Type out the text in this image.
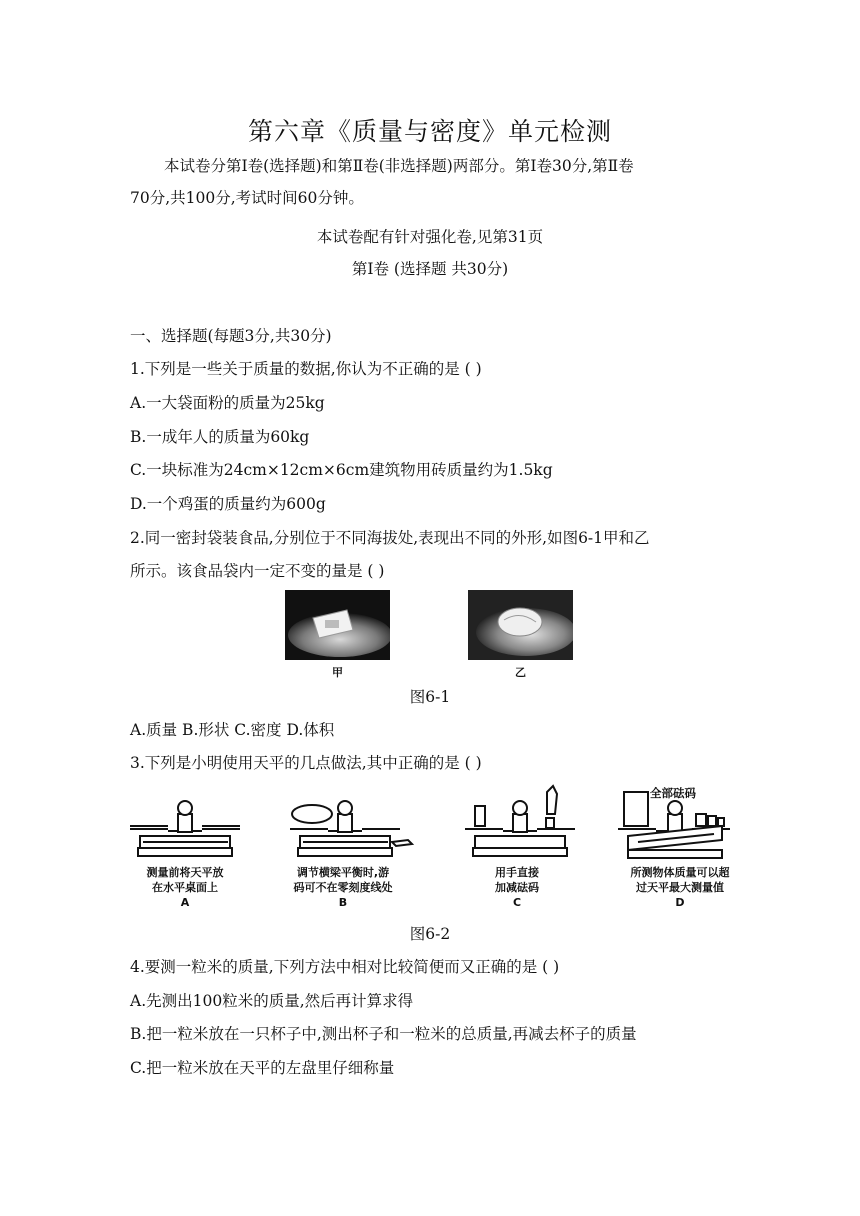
第六章《质量与密度》单元检测
本试卷分第Ⅰ卷(选择题)和第Ⅱ卷(非选择题)两部分。第Ⅰ卷30分,第Ⅱ卷
70分,共100分,考试时间60分钟。
本试卷配有针对强化卷,见第31页
第Ⅰ卷 (选择题 共30分)
一、选择题(每题3分,共30分)
1.下列是一些关于质量的数据,你认为不正确的是 ( )
A.一大袋面粉的质量为25kg
B.一成年人的质量为60kg
C.一块标准为24cm×12cm×6cm建筑物用砖质量约为1.5kg
D.一个鸡蛋的质量约为600g
2.同一密封袋装食品,分别位于不同海拔处,表现出不同的外形,如图6-1甲和乙
所示。该食品袋内一定不变的量是 ( )
甲	乙
图6-1
A.质量 B.形状 C.密度 D.体积
3.下列是小明使用天平的几点做法,其中正确的是 ( )
全部砝码
测量前将天平放
在水平桌面上
A
调节横梁平衡时,游
码可不在零刻度线处
B
用手直接
加减砝码
C
所测物体质量可以超
过天平最大测量值
D
图6-2
4.要测一粒米的质量,下列方法中相对比较简便而又正确的是 ( )
A.先测出100粒米的质量,然后再计算求得
B.把一粒米放在一只杯子中,测出杯子和一粒米的总质量,再减去杯子的质量
C.把一粒米放在天平的左盘里仔细称量
